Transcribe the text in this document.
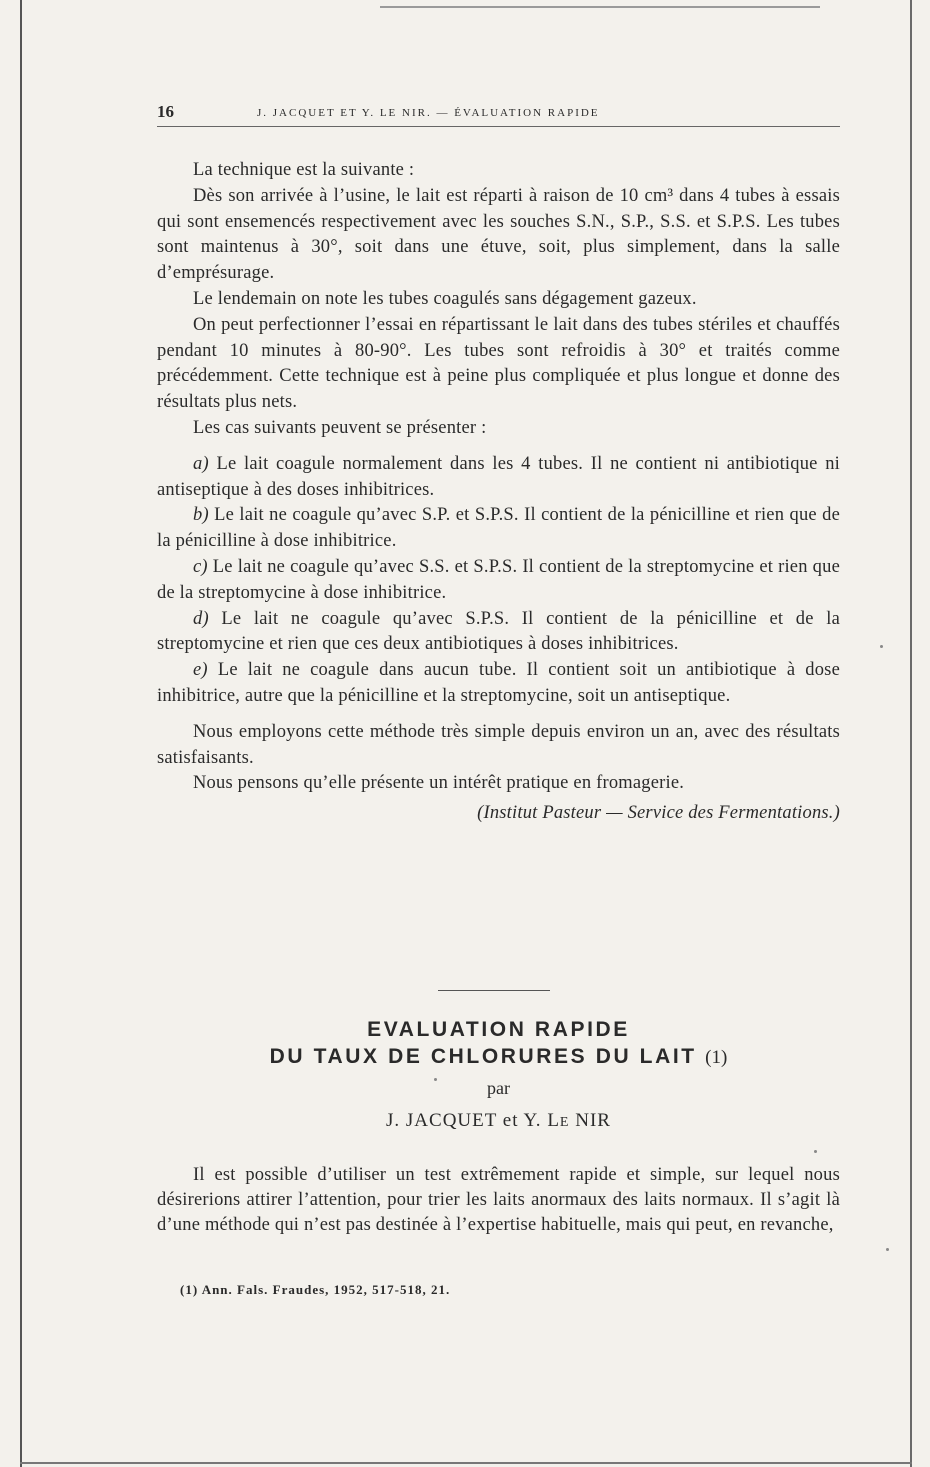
16	J. JACQUET ET Y. LE NIR. — ÉVALUATION RAPIDE

La technique est la suivante :

Dès son arrivée à l’usine, le lait est réparti à raison de 10 cm³ dans 4 tubes à essais qui sont ensemencés respectivement avec les souches S.N., S.P., S.S. et S.P.S. Les tubes sont maintenus à 30°, soit dans une étuve, soit, plus simplement, dans la salle d’emprésurage.

Le lendemain on note les tubes coagulés sans dégagement gazeux.

On peut perfectionner l’essai en répartissant le lait dans des tubes stériles et chauffés pendant 10 minutes à 80-90°. Les tubes sont refroidis à 30° et traités comme précédemment. Cette technique est à peine plus compliquée et plus longue et donne des résultats plus nets.

Les cas suivants peuvent se présenter :

a) Le lait coagule normalement dans les 4 tubes. Il ne contient ni antibiotique ni antiseptique à des doses inhibitrices.

b) Le lait ne coagule qu’avec S.P. et S.P.S. Il contient de la pénicilline et rien que de la pénicilline à dose inhibitrice.

c) Le lait ne coagule qu’avec S.S. et S.P.S. Il contient de la streptomycine et rien que de la streptomycine à dose inhibitrice.

d) Le lait ne coagule qu’avec S.P.S. Il contient de la pénicilline et de la streptomycine et rien que ces deux antibiotiques à doses inhibitrices.

e) Le lait ne coagule dans aucun tube. Il contient soit un antibiotique à dose inhibitrice, autre que la pénicilline et la streptomycine, soit un antiseptique.

Nous employons cette méthode très simple depuis environ un an, avec des résultats satisfaisants.

Nous pensons qu’elle présente un intérêt pratique en fromagerie.

(Institut Pasteur — Service des Fermentations.)
EVALUATION RAPIDE
DU TAUX DE CHLORURES DU LAIT (1)
par
J. JACQUET et Y. LE NIR

Il est possible d’utiliser un test extrêmement rapide et simple, sur lequel nous désirerions attirer l’attention, pour trier les laits anormaux des laits normaux. Il s’agit là d’une méthode qui n’est pas destinée à l’expertise habituelle, mais qui peut, en revanche,

(1) Ann. Fals. Fraudes, 1952, 517-518, 21.
